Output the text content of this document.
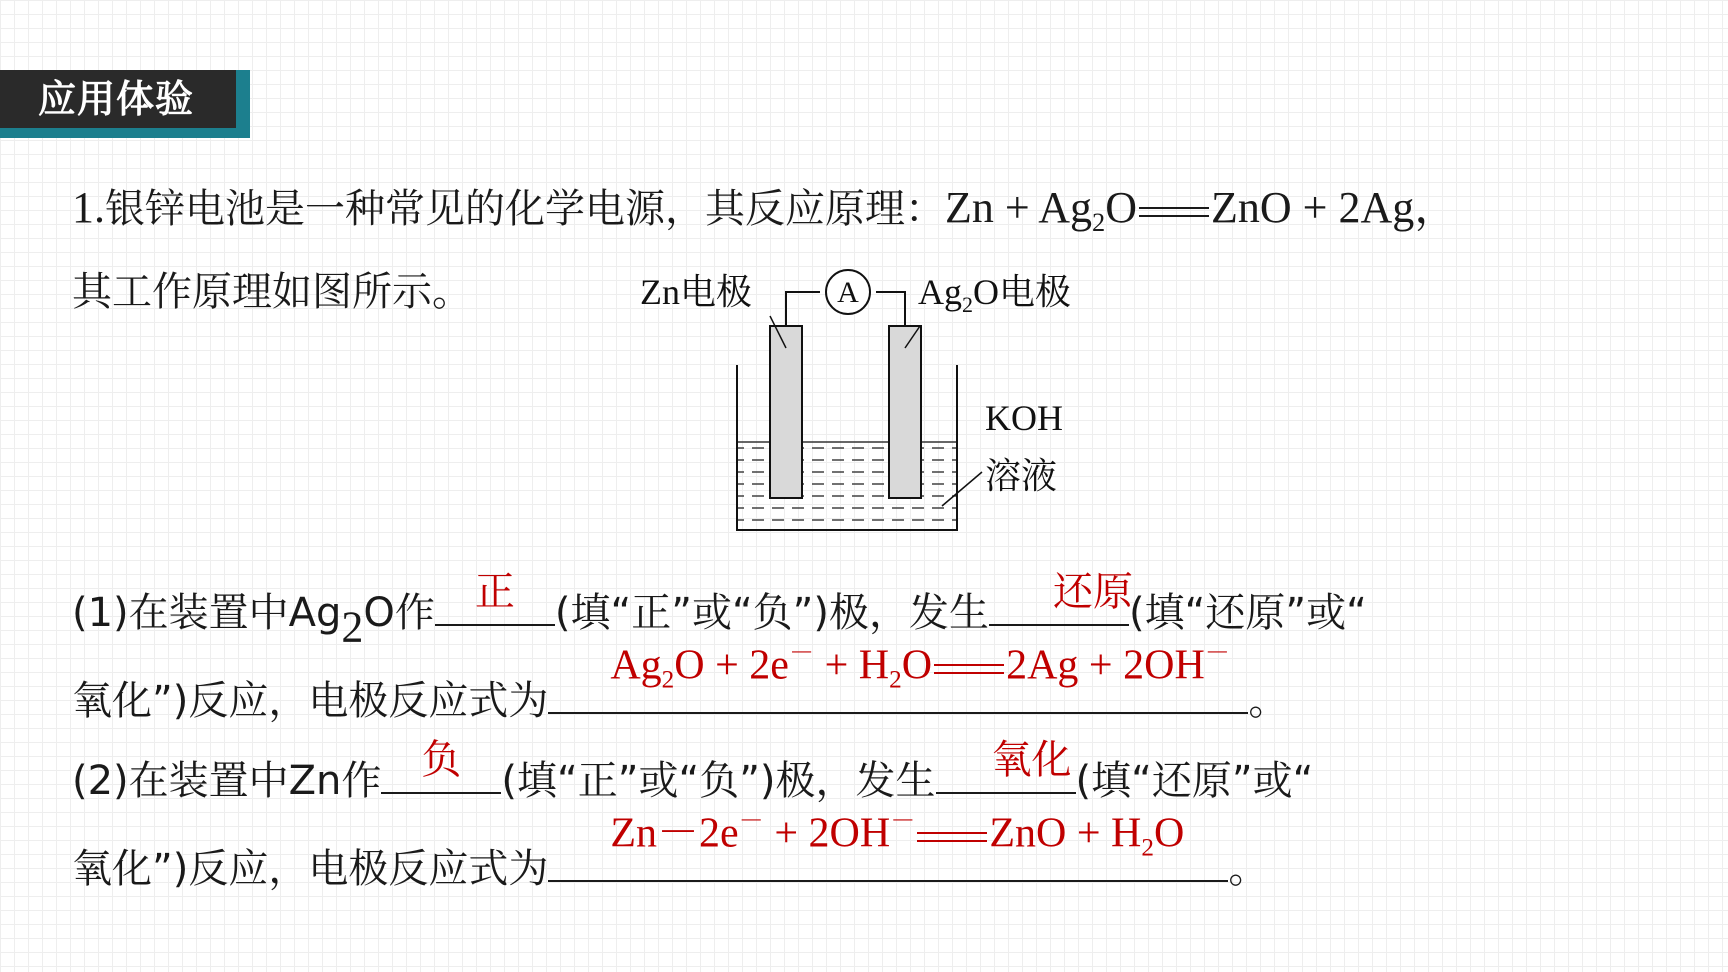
应用体验
1.银锌电池是一种常见的化学电源，其反应原理：$Zn + Ag_2O$ ZnO + 2Ag，
其工作原理如图所示。	A
Zn电极	$Ag_2O$电极
KOH
溶液
(1)在装置中$Ag_2O$作	正	(填“正”或“负”)极，发生	还原
(填“还原”或“
氧化”)反应，电极反应式为
$Ag_2O + 2e^- + H_2O$ 2Ag + 2OH－
。
(2)在装置中Zn作	负	(填“正”或“负”)极，发生	氧化 (填“还原”或“
氧化”)反应，电极反应式为
Zn－2e－ + 2OH－ ZnO + $H_2O$
。
